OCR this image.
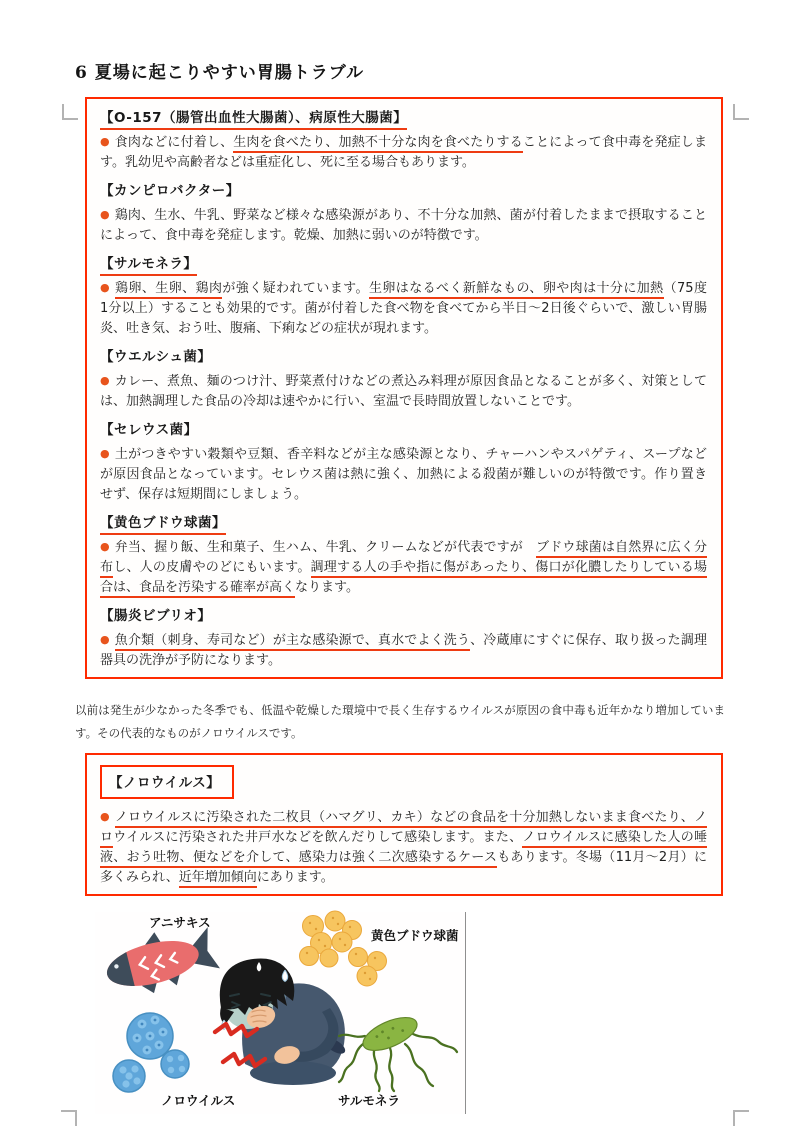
6 夏場に起こりやすい胃腸トラブル
【O-157（腸管出血性大腸菌）、病原性大腸菌】

● 食肉などに付着し、生肉を食べたり、加熱不十分な肉を食べたりすることによって食中毒を発症します。乳幼児や高齢者などは重症化し、死に至る場合もあります。

【カンピロバクター】

● 鶏肉、生水、牛乳、野菜など様々な感染源があり、不十分な加熱、菌が付着したままで摂取することによって、食中毒を発症します。乾燥、加熱に弱いのが特徴です。

【サルモネラ】

● 鶏卵、生卵、鶏肉が強く疑われています。生卵はなるべく新鮮なもの、卵や肉は十分に加熱（75度　1分以上）することも効果的です。菌が付着した食べ物を食べてから半日～2日後ぐらいで、激しい胃腸炎、吐き気、おう吐、腹痛、下痢などの症状が現れます。

【ウエルシュ菌】

● カレー、煮魚、麺のつけ汁、野菜煮付けなどの煮込み料理が原因食品となることが多く、対策としては、加熱調理した食品の冷却は速やかに行い、室温で長時間放置しないことです。

【セレウス菌】

● 土がつきやすい穀類や豆類、香辛料などが主な感染源となり、チャーハンやスパゲティ、スープなどが原因食品となっています。セレウス菌は熱に強く、加熱による殺菌が難しいのが特徴です。作り置きせず、保存は短期間にしましょう。

【黄色ブドウ球菌】

● 弁当、握り飯、生和菓子、生ハム、牛乳、クリームなどが代表ですが　ブドウ球菌は自然界に広く分布し、人の皮膚やのどにもいます。調理する人の手や指に傷があったり、傷口が化膿したりしている場合は、食品を汚染する確率が高くなります。

【腸炎ビブリオ】

● 魚介類（刺身、寿司など）が主な感染源で、真水でよく洗う、冷蔵庫にすぐに保存、取り扱った調理器具の洗浄が予防になります。

以前は発生が少なかった冬季でも、低温や乾燥した環境中で長く生存するウイルスが原因の食中毒も近年かなり増加しています。その代表的なものがノロウイルスです。

【ノロウイルス】

● ノロウイルスに汚染された二枚貝（ハマグリ、カキ）などの食品を十分加熱しないまま食べたり、ノロウイルスに汚染された井戸水などを飲んだりして感染します。また、ノロウイルスに感染した人の唾液、おう吐物、便などを介して、感染力は強く二次感染するケースもあります。冬場（11月～2月）に多くみられ、近年増加傾向にあります。

アニサキス
黄色ブドウ球菌
ノロウイルス	サルモネラ
